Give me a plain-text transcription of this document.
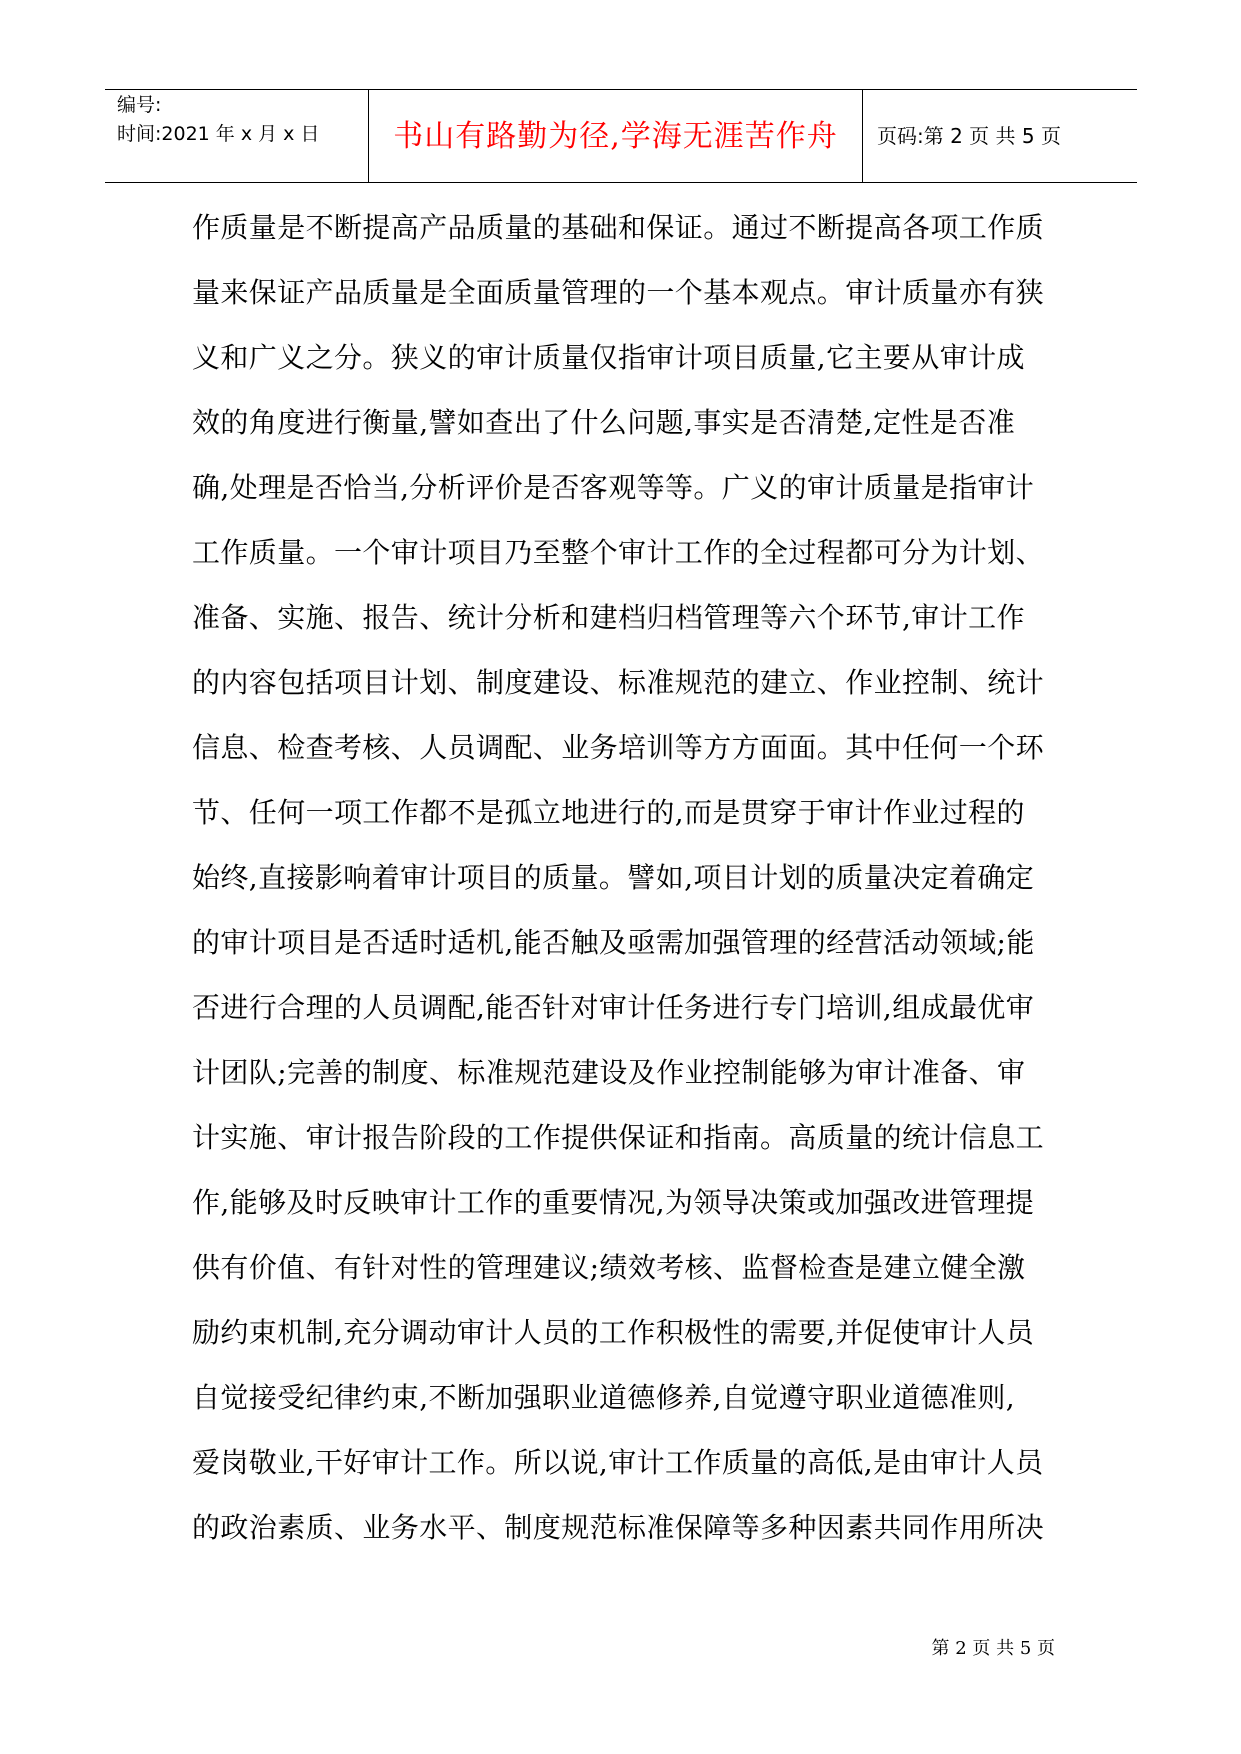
编号:
时间:2021 年 x 月 x 日	书山有路勤为径,学海无涯苦作舟	页码:第 2 页 共 5 页
作质量是不断提高产品质量的基础和保证。通过不断提高各项工作质
量来保证产品质量是全面质量管理的一个基本观点。审计质量亦有狭
义和广义之分。狭义的审计质量仅指审计项目质量,它主要从审计成
效的角度进行衡量,譬如查出了什么问题,事实是否清楚,定性是否准
确,处理是否恰当,分析评价是否客观等等。广义的审计质量是指审计
工作质量。一个审计项目乃至整个审计工作的全过程都可分为计划、
准备、实施、报告、统计分析和建档归档管理等六个环节,审计工作
的内容包括项目计划、制度建设、标准规范的建立、作业控制、统计
信息、检查考核、人员调配、业务培训等方方面面。其中任何一个环
节、任何一项工作都不是孤立地进行的,而是贯穿于审计作业过程的
始终,直接影响着审计项目的质量。譬如,项目计划的质量决定着确定
的审计项目是否适时适机,能否触及亟需加强管理的经营活动领域;能
否进行合理的人员调配,能否针对审计任务进行专门培训,组成最优审
计团队;完善的制度、标准规范建设及作业控制能够为审计准备、审
计实施、审计报告阶段的工作提供保证和指南。高质量的统计信息工
作,能够及时反映审计工作的重要情况,为领导决策或加强改进管理提
供有价值、有针对性的管理建议;绩效考核、监督检查是建立健全激
励约束机制,充分调动审计人员的工作积极性的需要,并促使审计人员
自觉接受纪律约束,不断加强职业道德修养,自觉遵守职业道德准则,
爱岗敬业,干好审计工作。所以说,审计工作质量的高低,是由审计人员
的政治素质、业务水平、制度规范标准保障等多种因素共同作用所决
第 2 页 共 5 页
